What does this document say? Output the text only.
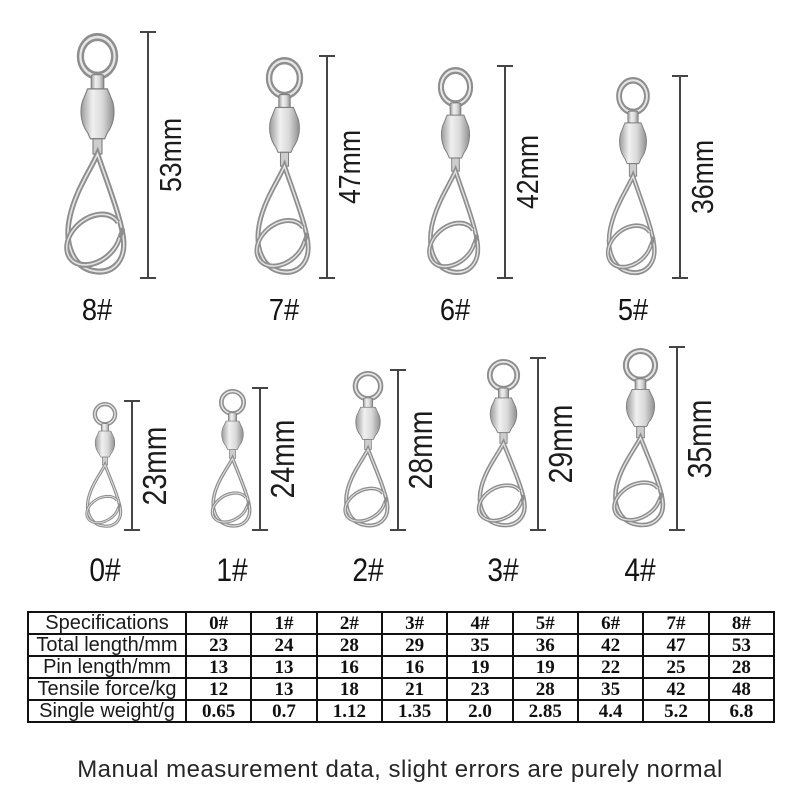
53mm
8#
47mm
7#
42mm
6#
36mm
5#
23mm
0#
24mm
1#
28mm
2#
29mm
3#
35mm
4#
Specifications	0#	1#	2#	3#	4#	5#	6#	7#	8#
Total length/mm	23	24	28	29	35	36	42	47	53
Pin length/mm	13	13	16	16	19	19	22	25	28
Tensile force/kg	12	13	18	21	23	28	35	42	48
Single weight/g	0.65	0.7	1.12	1.35	2.0	2.85	4.4	5.2	6.8
Manual measurement data, slight errors are purely normal
